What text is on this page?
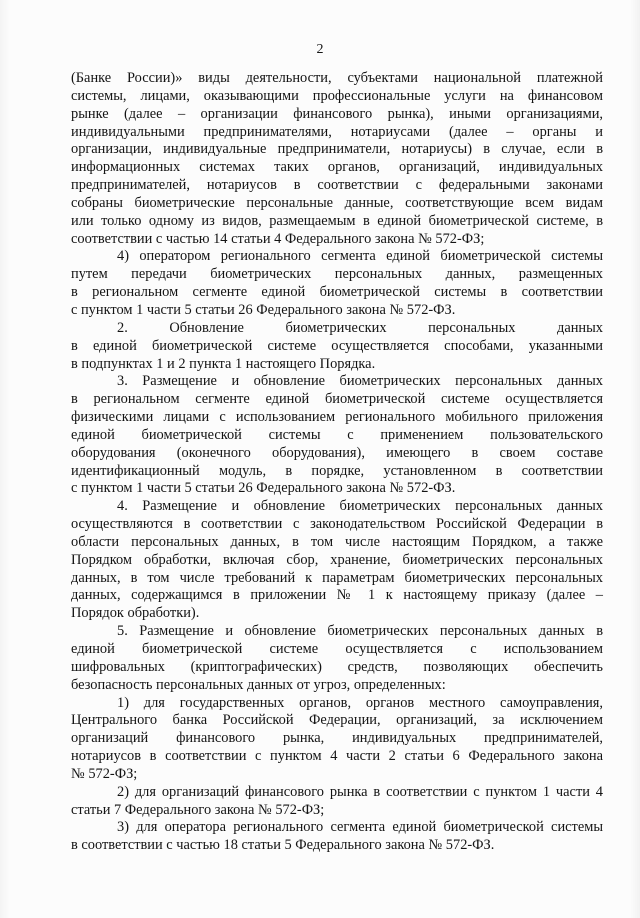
2

(Банке России)» виды деятельности, субъектами национальной платежной
системы, лицами, оказывающими профессиональные услуги на финансовом
рынке (далее – организации финансового рынка), иными организациями,
индивидуальными предпринимателями, нотариусами (далее – органы и
организации, индивидуальные предприниматели, нотариусы) в случае, если в
информационных системах таких органов, организаций, индивидуальных
предпринимателей, нотариусов в соответствии с федеральными законами
собраны биометрические персональные данные, соответствующие всем видам
или только одному из видов, размещаемым в единой биометрической системе, в
соответствии с частью 14 статьи 4 Федерального закона № 572-ФЗ;

4) оператором регионального сегмента единой биометрической системы
путем передачи биометрических персональных данных, размещенных
в региональном сегменте единой биометрической системы в соответствии
с пунктом 1 части 5 статьи 26 Федерального закона № 572-ФЗ.

2. Обновление биометрических персональных данных
в единой биометрической системе осуществляется способами, указанными
в подпунктах 1 и 2 пункта 1 настоящего Порядка.

3. Размещение и обновление биометрических персональных данных
в региональном сегменте единой биометрической системе осуществляется
физическими лицами с использованием регионального мобильного приложения
единой биометрической системы с применением пользовательского
оборудования (оконечного оборудования), имеющего в своем составе
идентификационный модуль, в порядке, установленном в соответствии
с пунктом 1 части 5 статьи 26 Федерального закона № 572-ФЗ.

4. Размещение и обновление биометрических персональных данных
осуществляются в соответствии с законодательством Российской Федерации в
области персональных данных, в том числе настоящим Порядком, а также
Порядком обработки, включая сбор, хранение, биометрических персональных
данных, в том числе требований к параметрам биометрических персональных
данных, содержащимся в приложении № 1 к настоящему приказу (далее –
Порядок обработки).

5. Размещение и обновление биометрических персональных данных в
единой биометрической системе осуществляется с использованием
шифровальных (криптографических) средств, позволяющих обеспечить
безопасность персональных данных от угроз, определенных:

1) для государственных органов, органов местного самоуправления,
Центрального банка Российской Федерации, организаций, за исключением
организаций финансового рынка, индивидуальных предпринимателей,
нотариусов в соответствии с пунктом 4 части 2 статьи 6 Федерального закона
№ 572-ФЗ;

2) для организаций финансового рынка в соответствии с пунктом 1 части 4
статьи 7 Федерального закона № 572-ФЗ;

3) для оператора регионального сегмента единой биометрической системы
в соответствии с частью 18 статьи 5 Федерального закона № 572-ФЗ.
